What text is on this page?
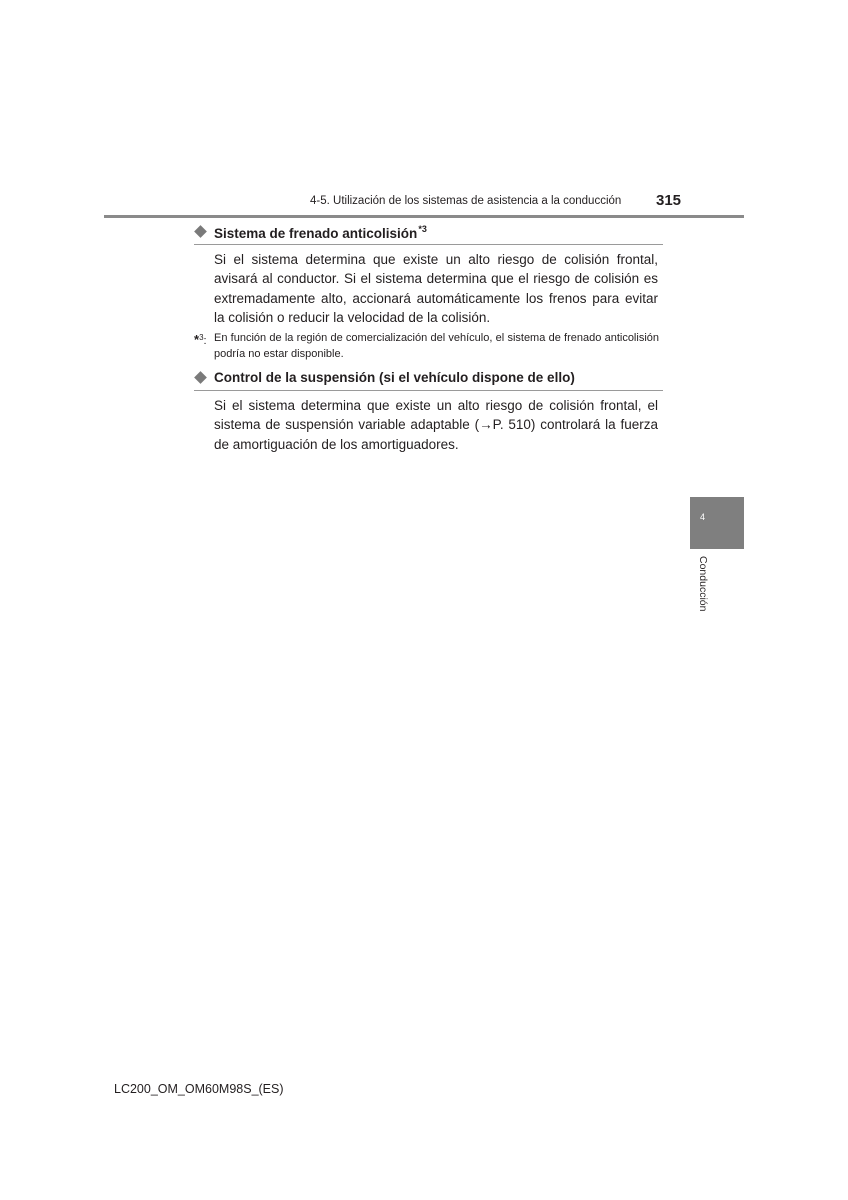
4-5. Utilización de los sistemas de asistencia a la conducción 315
Sistema de frenado anticolisión$^{*3}$

Si el sistema determina que existe un alto riesgo de colisión frontal, avisará al conductor. Si el sistema determina que el riesgo de colisión es extremadamente alto, accionará automáticamente los frenos para evitar la colisión o reducir la velocidad de la colisión.

*$^3$: En función de la región de comercialización del vehículo, el sistema de frenado anticolisión podría no estar disponible.
Control de la suspensión (si el vehículo dispone de ello)

Si el sistema determina que existe un alto riesgo de colisión frontal, el sistema de suspensión variable adaptable (→P. 510) controlará la fuerza de amortiguación de los amortiguadores.

4
Conducción
LC200_OM_OM60M98S_(ES)
